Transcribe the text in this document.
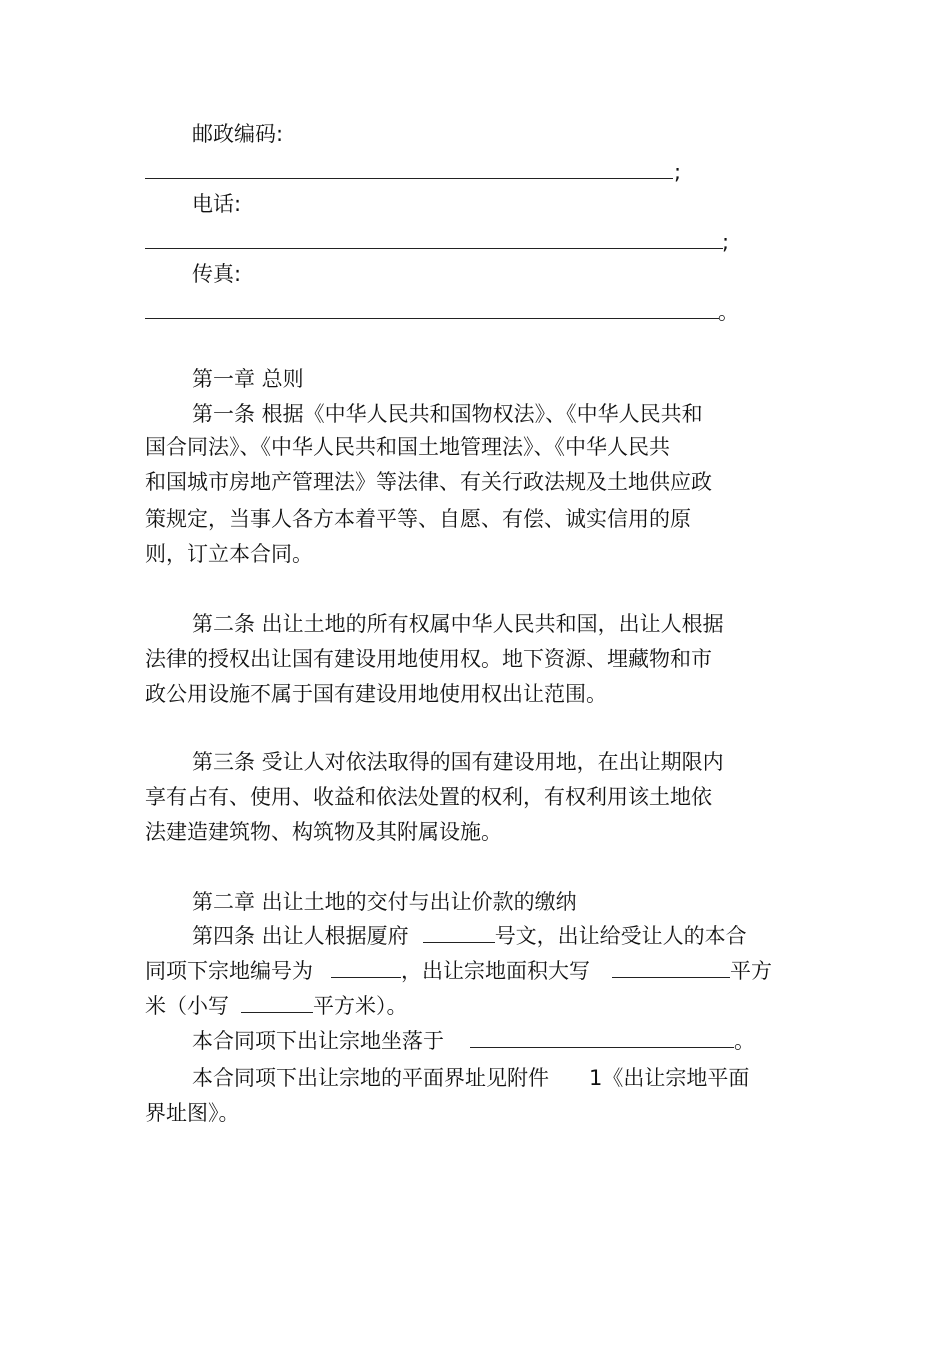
邮政编码:
;
电话:
;
传真:
。
第一章 总则
第一条 根据《中华人民共和国物权法》、《中华人民共和
国合同法》、《中华人民共和国土地管理法》、《中华人民共
和国城市房地产管理法》等法律、有关行政法规及土地供应政
策规定，当事人各方本着平等、自愿、有偿、诚实信用的原
则，订立本合同。
第二条 出让土地的所有权属中华人民共和国，出让人根据
法律的授权出让国有建设用地使用权。地下资源、埋藏物和市
政公用设施不属于国有建设用地使用权出让范围。
第三条 受让人对依法取得的国有建设用地，在出让期限内
享有占有、使用、收益和依法处置的权利，有权利用该土地依
法建造建筑物、构筑物及其附属设施。
第二章 出让土地的交付与出让价款的缴纳
第四条 出让人根据厦府	号文，出让给受让人的本合
同项下宗地编号为	，出让宗地面积大写	平方
米（小写	平方米）。
本合同项下出让宗地坐落于	。
本合同项下出让宗地的平面界址见附件 1《出让宗地平面
界址图》。
